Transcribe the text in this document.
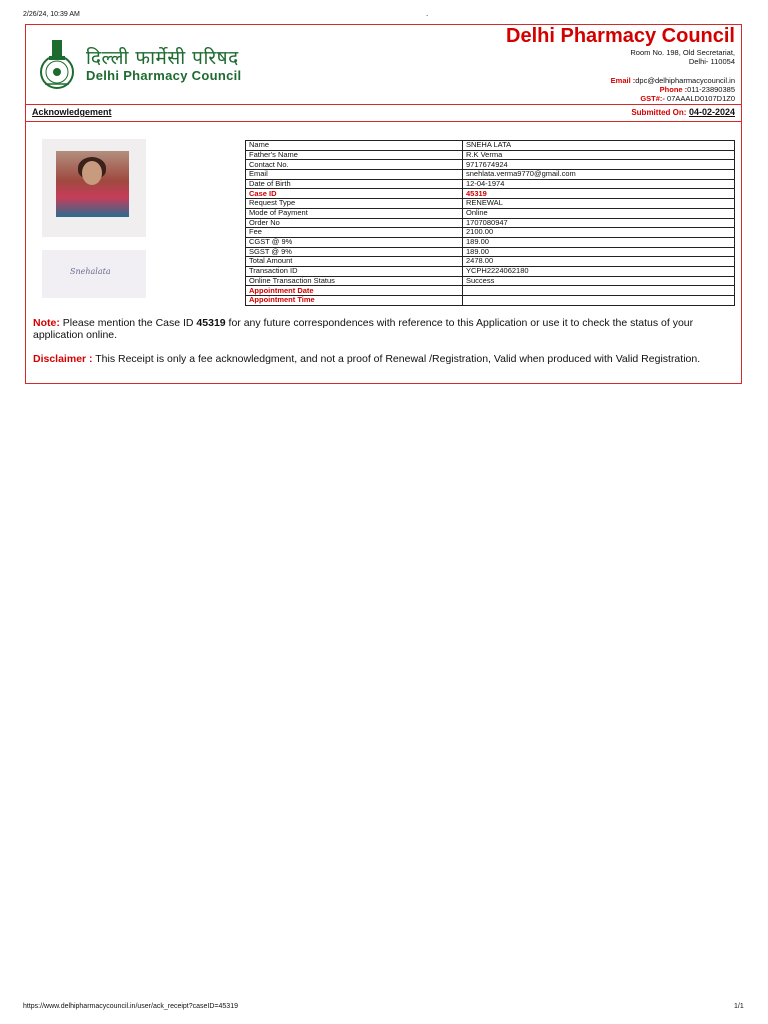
2/26/24, 10:39 AM	.
दिल्ली फार्मेसी परिषद
Delhi Pharmacy Council
Delhi Pharmacy Council
Room No. 198, Old Secretariat,
Delhi- 110054
Email :dpc@delhipharmacycouncil.in
Phone :011-23890385
GST#:- 07AAALD0107D1Z0
Acknowledgement	Submitted On: 04-02-2024
Snehalata
Name	SNEHA LATA
Father's Name	R.K Verma
Contact No.	9717674924
Email	snehlata.verma9770@gmail.com
Date of Birth	12-04-1974
Case ID	45319
Request Type	RENEWAL
Mode of Payment	Online
Order No	1707080947
Fee	2100.00
CGST @ 9%	189.00
SGST @ 9%	189.00
Total Amount	2478.00
Transaction ID	YCPH2224062180
Online Transaction Status	Success
Appointment Date	
Appointment Time	
Note: Please mention the Case ID 45319 for any future correspondences with reference to this Application or use it to check the status of your application online.
Disclaimer : This Receipt is only a fee acknowledgment, and not a proof of Renewal /Registration, Valid when produced with Valid Registration.
https://www.delhipharmacycouncil.in/user/ack_receipt?caseID=45319	1/1
